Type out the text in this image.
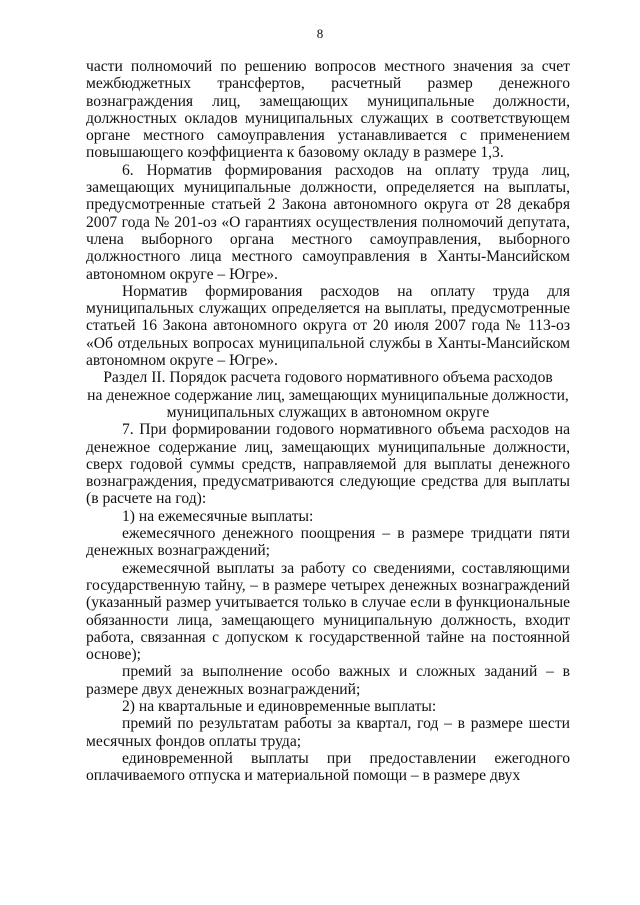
8

части полномочий по решению вопросов местного значения за счет межбюджетных трансфертов, расчетный размер денежного вознаграждения лиц, замещающих муниципальные должности, должностных окладов муниципальных служащих в соответствующем органе местного самоуправления устанавливается с применением повышающего коэффициента к базовому окладу в размере 1,3.

6. Норматив формирования расходов на оплату труда лиц, замещающих муниципальные должности, определяется на выплаты, предусмотренные статьей 2 Закона автономного округа от 28 декабря 2007 года № 201-оз «О гарантиях осуществления полномочий депутата, члена выборного органа местного самоуправления, выборного должностного лица местного самоуправления в Ханты-Мансийском автономном округе – Югре».

Норматив формирования расходов на оплату труда для муниципальных служащих определяется на выплаты, предусмотренные статьей 16 Закона автономного округа от 20 июля 2007 года № 113-оз «Об отдельных вопросах муниципальной службы в Ханты-Мансийском автономном округе – Югре».

Раздел II. Порядок расчета годового нормативного объема расходов
на денежное содержание лиц, замещающих муниципальные должности,
муниципальных служащих в автономном округе

7. При формировании годового нормативного объема расходов на денежное содержание лиц, замещающих муниципальные должности, сверх годовой суммы средств, направляемой для выплаты денежного вознаграждения, предусматриваются следующие средства для выплаты (в расчете на год):

1) на ежемесячные выплаты:

ежемесячного денежного поощрения – в размере тридцати пяти денежных вознаграждений;

ежемесячной выплаты за работу со сведениями, составляющими государственную тайну, – в размере четырех денежных вознаграждений (указанный размер учитывается только в случае если в функциональные обязанности лица, замещающего муниципальную должность, входит работа, связанная с допуском к государственной тайне на постоянной основе);

премий за выполнение особо важных и сложных заданий – в размере двух денежных вознаграждений;

2) на квартальные и единовременные выплаты:

премий по результатам работы за квартал, год – в размере шести месячных фондов оплаты труда;

единовременной выплаты при предоставлении ежегодного оплачиваемого отпуска и материальной помощи – в размере двух
